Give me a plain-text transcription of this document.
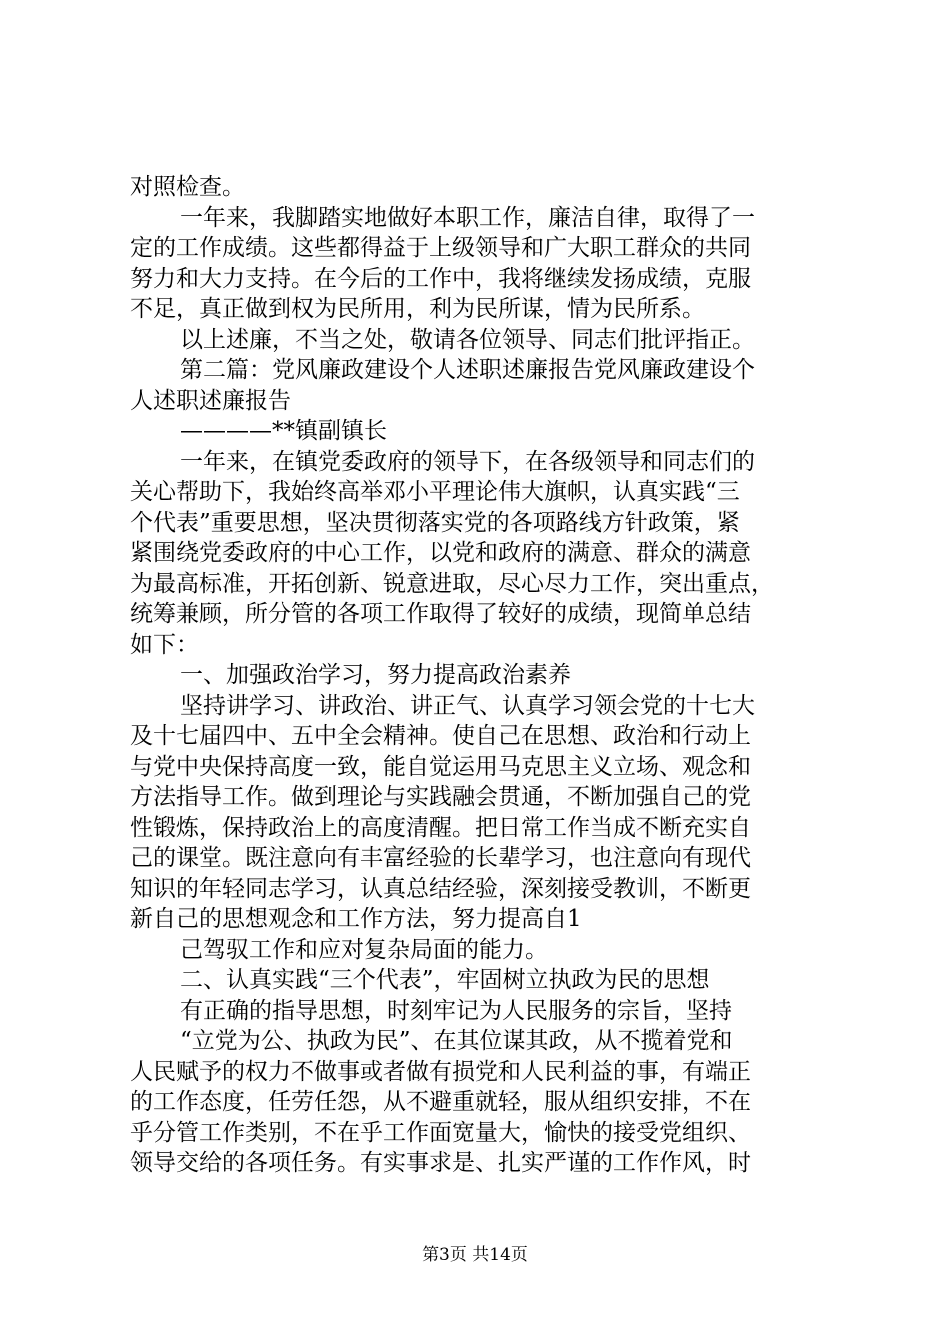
对照检查。
一年来，我脚踏实地做好本职工作，廉洁自律，取得了一
定的工作成绩。这些都得益于上级领导和广大职工群众的共同
努力和大力支持。在今后的工作中，我将继续发扬成绩，克服
不足，真正做到权为民所用，利为民所谋，情为民所系。
以上述廉，不当之处，敬请各位领导、同志们批评指正。
第二篇：党风廉政建设个人述职述廉报告党风廉政建设个
人述职述廉报告
————**镇副镇长
一年来，在镇党委政府的领导下，在各级领导和同志们的
关心帮助下，我始终高举邓小平理论伟大旗帜，认真实践“三
个代表”重要思想，坚决贯彻落实党的各项路线方针政策，紧
紧围绕党委政府的中心工作，以党和政府的满意、群众的满意
为最高标准，开拓创新、锐意进取，尽心尽力工作，突出重点，
统筹兼顾，所分管的各项工作取得了较好的成绩，现简单总结
如下：
一、加强政治学习，努力提高政治素养
坚持讲学习、讲政治、讲正气、认真学习领会党的十七大
及十七届四中、五中全会精神。使自己在思想、政治和行动上
与党中央保持高度一致，能自觉运用马克思主义立场、观念和
方法指导工作。做到理论与实践融会贯通，不断加强自己的党
性锻炼，保持政治上的高度清醒。把日常工作当成不断充实自
己的课堂。既注意向有丰富经验的长辈学习，也注意向有现代
知识的年轻同志学习，认真总结经验，深刻接受教训，不断更
新自己的思想观念和工作方法，努力提高自1
己驾驭工作和应对复杂局面的能力。
二、认真实践“三个代表”，牢固树立执政为民的思想
有正确的指导思想，时刻牢记为人民服务的宗旨，坚持
“立党为公、执政为民”、在其位谋其政，从不揽着党和
人民赋予的权力不做事或者做有损党和人民利益的事，有端正
的工作态度，任劳任怨，从不避重就轻，服从组织安排，不在
乎分管工作类别，不在乎工作面宽量大，愉快的接受党组织、
领导交给的各项任务。有实事求是、扎实严谨的工作作风，时
第3页 共14页
